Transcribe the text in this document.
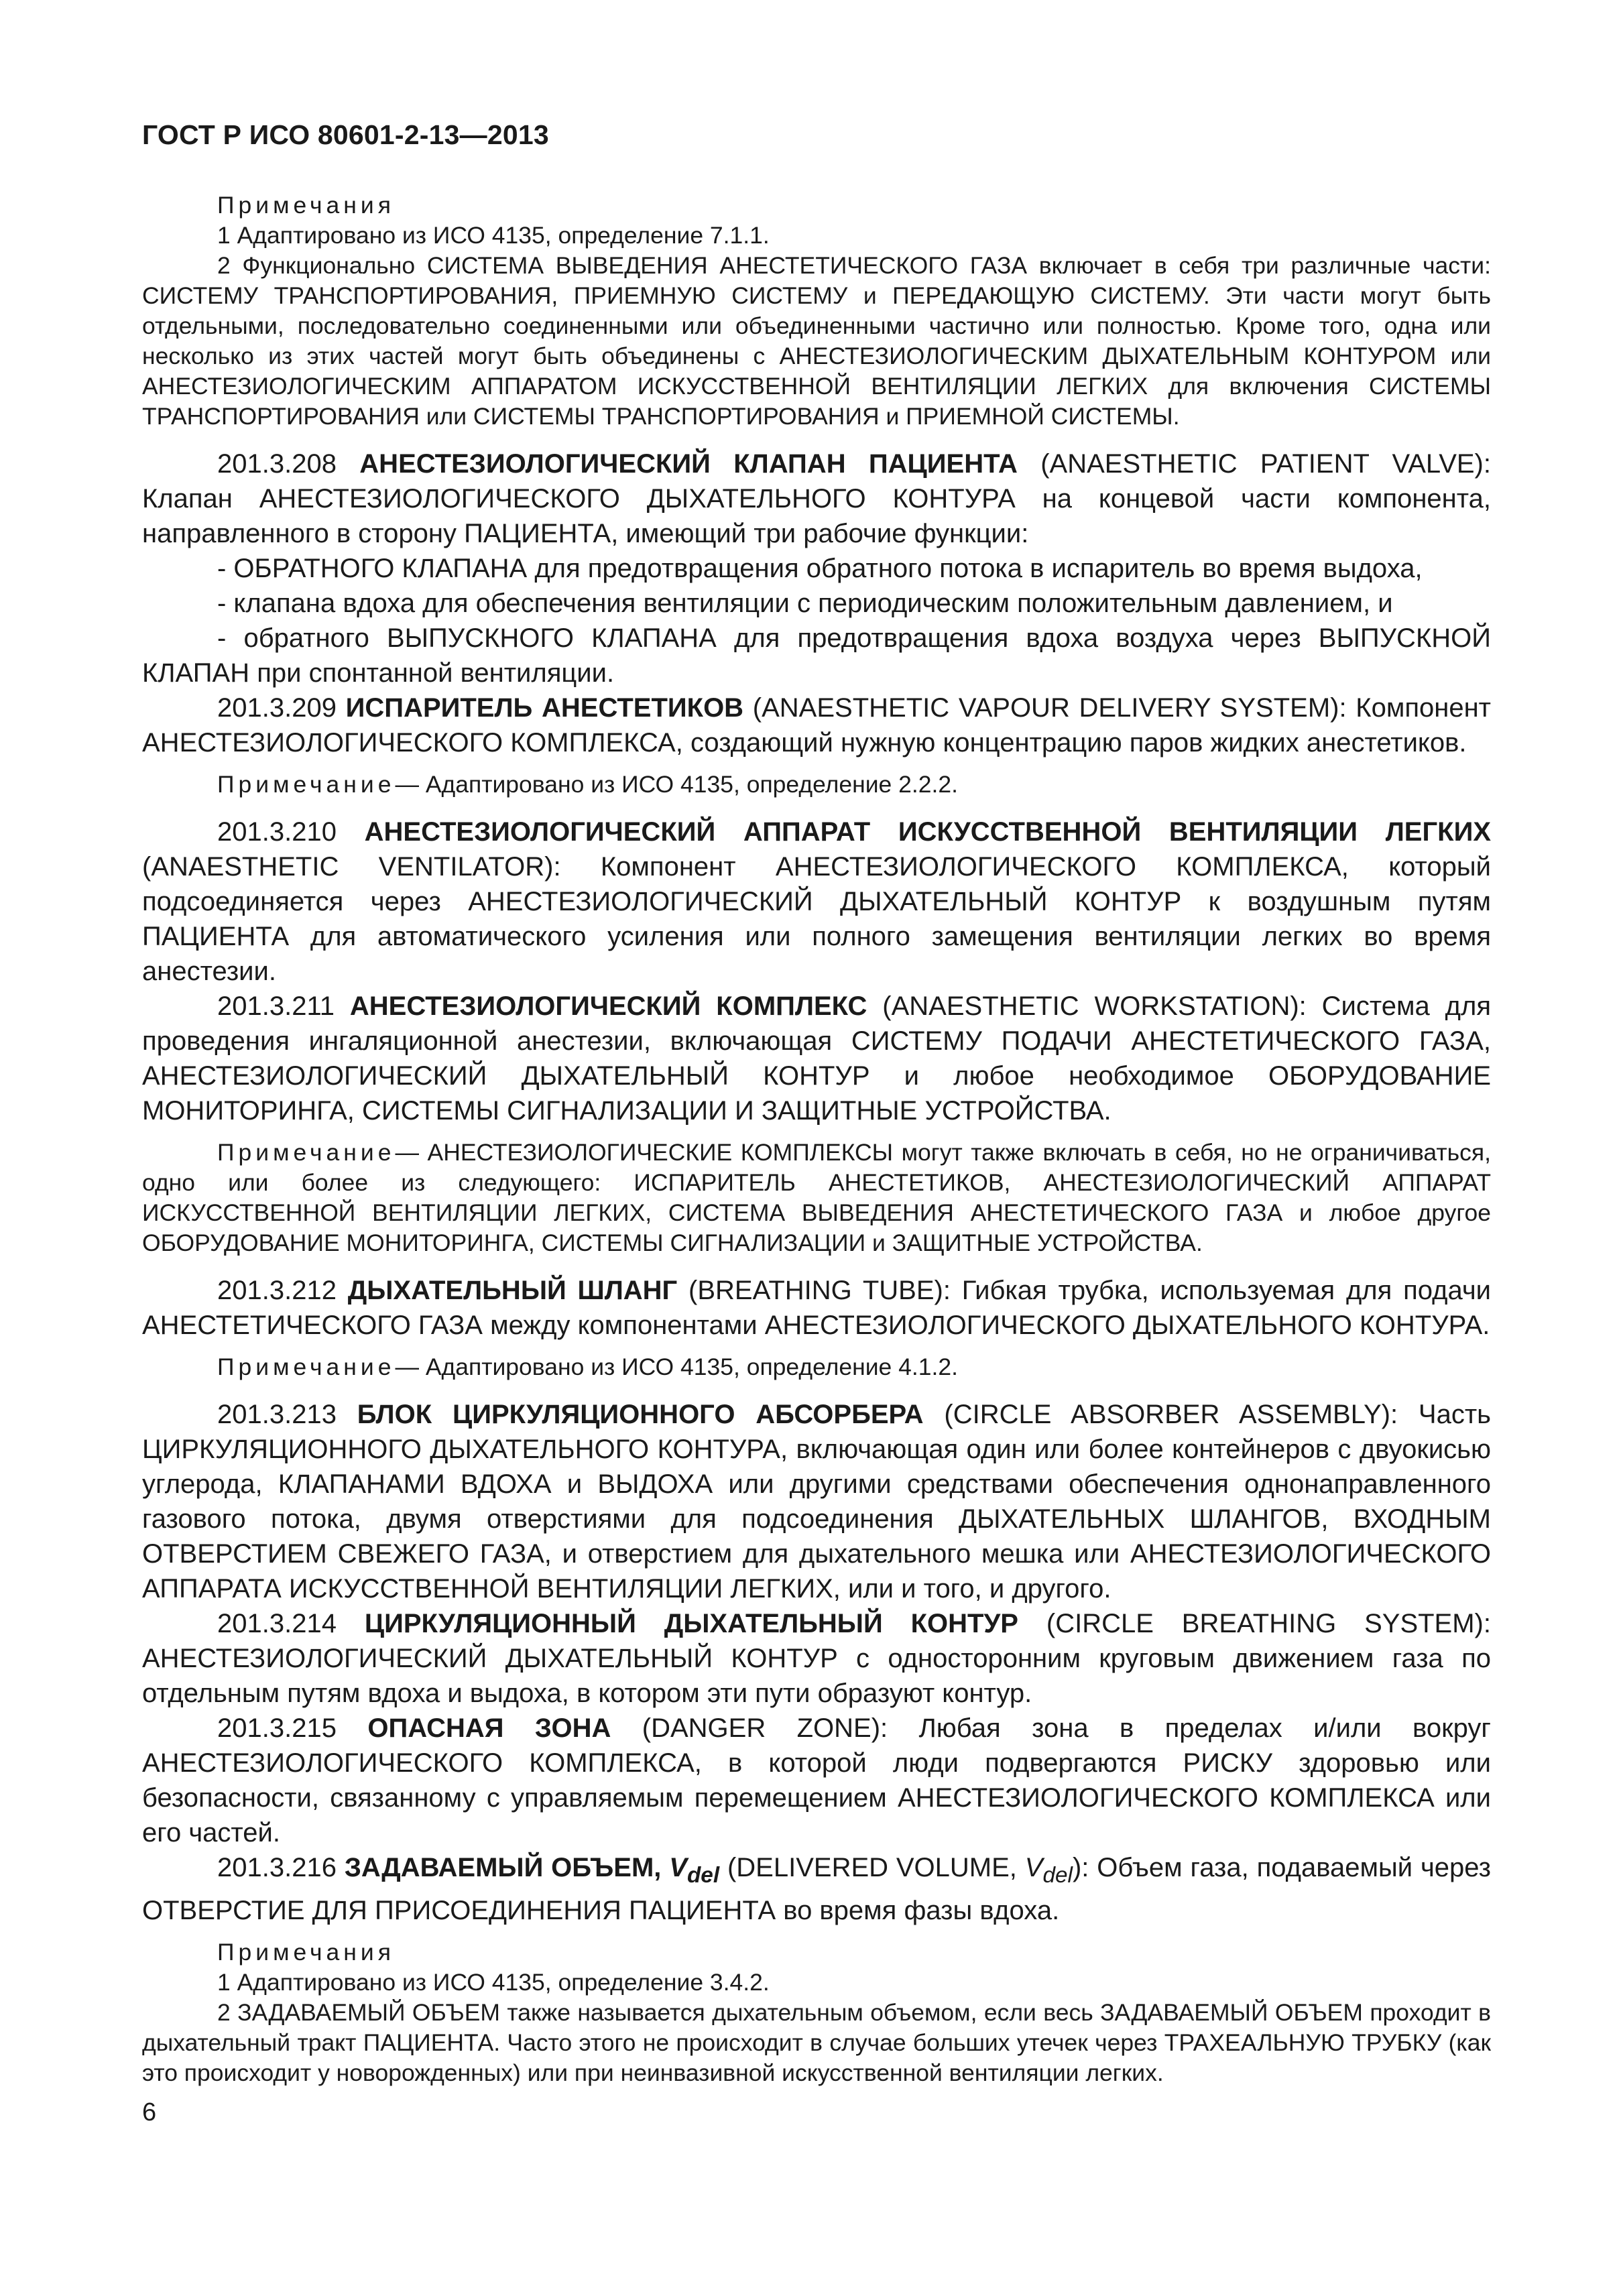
ГОСТ Р ИСО 80601-2-13—2013

Примечания

1 Адаптировано из ИСО 4135, определение 7.1.1.

2 Функционально СИСТЕМА ВЫВЕДЕНИЯ АНЕСТЕТИЧЕСКОГО ГАЗА включает в себя три различные части: СИСТЕМУ ТРАНСПОРТИРОВАНИЯ, ПРИЕМНУЮ СИСТЕМУ и ПЕРЕДАЮЩУЮ СИСТЕМУ. Эти части могут быть отдельными, последовательно соединенными или объединенными частично или полностью. Кроме того, одна или несколько из этих частей могут быть объединены с АНЕСТЕЗИОЛОГИЧЕСКИМ ДЫХАТЕЛЬНЫМ КОНТУРОМ или АНЕСТЕЗИОЛОГИЧЕСКИМ АППАРАТОМ ИСКУССТВЕННОЙ ВЕНТИЛЯЦИИ ЛЕГКИХ для включения СИСТЕМЫ ТРАНСПОРТИРОВАНИЯ или СИСТЕМЫ ТРАНСПОРТИРОВАНИЯ и ПРИЕМНОЙ СИСТЕМЫ.

201.3.208 АНЕСТЕЗИОЛОГИЧЕСКИЙ КЛАПАН ПАЦИЕНТА (ANAESTHETIC PATIENT VALVE): Клапан АНЕСТЕЗИОЛОГИЧЕСКОГО ДЫХАТЕЛЬНОГО КОНТУРА на концевой части компонента, направленного в сторону ПАЦИЕНТА, имеющий три рабочие функции:

- ОБРАТНОГО КЛАПАНА для предотвращения обратного потока в испаритель во время выдоха,

- клапана вдоха для обеспечения вентиляции с периодическим положительным давлением, и

- обратного ВЫПУСКНОГО КЛАПАНА для предотвращения вдоха воздуха через ВЫПУСКНОЙ КЛАПАН при спонтанной вентиляции.

201.3.209 ИСПАРИТЕЛЬ АНЕСТЕТИКОВ (ANAESTHETIC VAPOUR DELIVERY SYSTEM): Компонент АНЕСТЕЗИОЛОГИЧЕСКОГО КОМПЛЕКСА, создающий нужную концентрацию паров жидких анестетиков.

Примечание— Адаптировано из ИСО 4135, определение 2.2.2.

201.3.210 АНЕСТЕЗИОЛОГИЧЕСКИЙ АППАРАТ ИСКУССТВЕННОЙ ВЕНТИЛЯЦИИ ЛЕГКИХ (ANAESTHETIC VENTILATOR): Компонент АНЕСТЕЗИОЛОГИЧЕСКОГО КОМПЛЕКСА, который подсоединяется через АНЕСТЕЗИОЛОГИЧЕСКИЙ ДЫХАТЕЛЬНЫЙ КОНТУР к воздушным путям ПАЦИЕНТА для автоматического усиления или полного замещения вентиляции легких во время анестезии.

201.3.211 АНЕСТЕЗИОЛОГИЧЕСКИЙ КОМПЛЕКС (ANAESTHETIC WORKSTATION): Система для проведения ингаляционной анестезии, включающая СИСТЕМУ ПОДАЧИ АНЕСТЕТИЧЕСКОГО ГАЗА, АНЕСТЕЗИОЛОГИЧЕСКИЙ ДЫХАТЕЛЬНЫЙ КОНТУР и любое необходимое ОБОРУДОВАНИЕ МОНИТОРИНГА, СИСТЕМЫ СИГНАЛИЗАЦИИ И ЗАЩИТНЫЕ УСТРОЙСТВА.

Примечание— АНЕСТЕЗИОЛОГИЧЕСКИЕ КОМПЛЕКСЫ могут также включать в себя, но не ограничиваться, одно или более из следующего: ИСПАРИТЕЛЬ АНЕСТЕТИКОВ, АНЕСТЕЗИОЛОГИЧЕСКИЙ АППАРАТ ИСКУССТВЕННОЙ ВЕНТИЛЯЦИИ ЛЕГКИХ, СИСТЕМА ВЫВЕДЕНИЯ АНЕСТЕТИЧЕСКОГО ГАЗА и любое другое ОБОРУДОВАНИЕ МОНИТОРИНГА, СИСТЕМЫ СИГНАЛИЗАЦИИ и ЗАЩИТНЫЕ УСТРОЙСТВА.

201.3.212 ДЫХАТЕЛЬНЫЙ ШЛАНГ (BREATHING TUBE): Гибкая трубка, используемая для подачи АНЕСТЕТИЧЕСКОГО ГАЗА между компонентами АНЕСТЕЗИОЛОГИЧЕСКОГО ДЫХАТЕЛЬНОГО КОНТУРА.

Примечание— Адаптировано из ИСО 4135, определение 4.1.2.

201.3.213 БЛОК ЦИРКУЛЯЦИОННОГО АБСОРБЕРА (CIRCLE ABSORBER ASSEMBLY): Часть ЦИРКУЛЯЦИОННОГО ДЫХАТЕЛЬНОГО КОНТУРА, включающая один или более контейнеров с двуокисью углерода, КЛАПАНАМИ ВДОХА и ВЫДОХА или другими средствами обеспечения однонаправленного газового потока, двумя отверстиями для подсоединения ДЫХАТЕЛЬНЫХ ШЛАНГОВ, ВХОДНЫМ ОТВЕРСТИЕМ СВЕЖЕГО ГАЗА, и отверстием для дыхательного мешка или АНЕСТЕЗИОЛОГИЧЕСКОГО АППАРАТА ИСКУССТВЕННОЙ ВЕНТИЛЯЦИИ ЛЕГКИХ, или и того, и другого.

201.3.214 ЦИРКУЛЯЦИОННЫЙ ДЫХАТЕЛЬНЫЙ КОНТУР (CIRCLE BREATHING SYSTEM): АНЕСТЕЗИОЛОГИЧЕСКИЙ ДЫХАТЕЛЬНЫЙ КОНТУР с односторонним круговым движением газа по отдельным путям вдоха и выдоха, в котором эти пути образуют контур.

201.3.215 ОПАСНАЯ ЗОНА (DANGER ZONE): Любая зона в пределах и/или вокруг АНЕСТЕЗИОЛОГИЧЕСКОГО КОМПЛЕКСА, в которой люди подвергаются РИСКУ здоровью или безопасности, связанному с управляемым перемещением АНЕСТЕЗИОЛОГИЧЕСКОГО КОМПЛЕКСА или его частей.

201.3.216 ЗАДАВАЕМЫЙ ОБЪЕМ, $V_{del}$ (DELIVERED VOLUME, $V_{del}$): Объем газа, подаваемый через ОТВЕРСТИЕ ДЛЯ ПРИСОЕДИНЕНИЯ ПАЦИЕНТА во время фазы вдоха.

Примечания

1 Адаптировано из ИСО 4135, определение 3.4.2.

2 ЗАДАВАЕМЫЙ ОБЪЕМ также называется дыхательным объемом, если весь ЗАДАВАЕМЫЙ ОБЪЕМ проходит в дыхательный тракт ПАЦИЕНТА. Часто этого не происходит в случае больших утечек через ТРАХЕАЛЬНУЮ ТРУБКУ (как это происходит у новорожденных) или при неинвазивной искусственной вентиляции легких.

6
